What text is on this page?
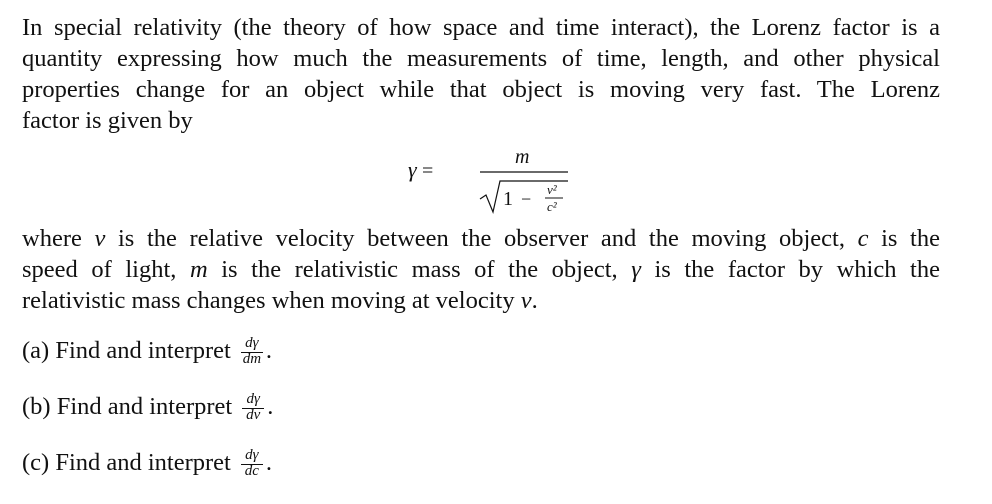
In special relativity (the theory of how space and time interact), the Lorenz factor is a
quantity expressing how much the measurements of time, length, and other physical
properties change for an object while that object is moving very fast. The Lorenz
factor is given by

γ =
m
1 − v²
c²

where v is the relative velocity between the observer and the moving object, c is the
speed of light, m is the relativistic mass of the object, γ is the factor by which the
relativistic mass changes when moving at velocity v.

(a) Find and interpret $\frac{d\gamma}{dm}$ .
(b) Find and interpret $\frac{d\gamma}{dv}$ .
(c) Find and interpret $\frac{d\gamma}{dc}$ .
